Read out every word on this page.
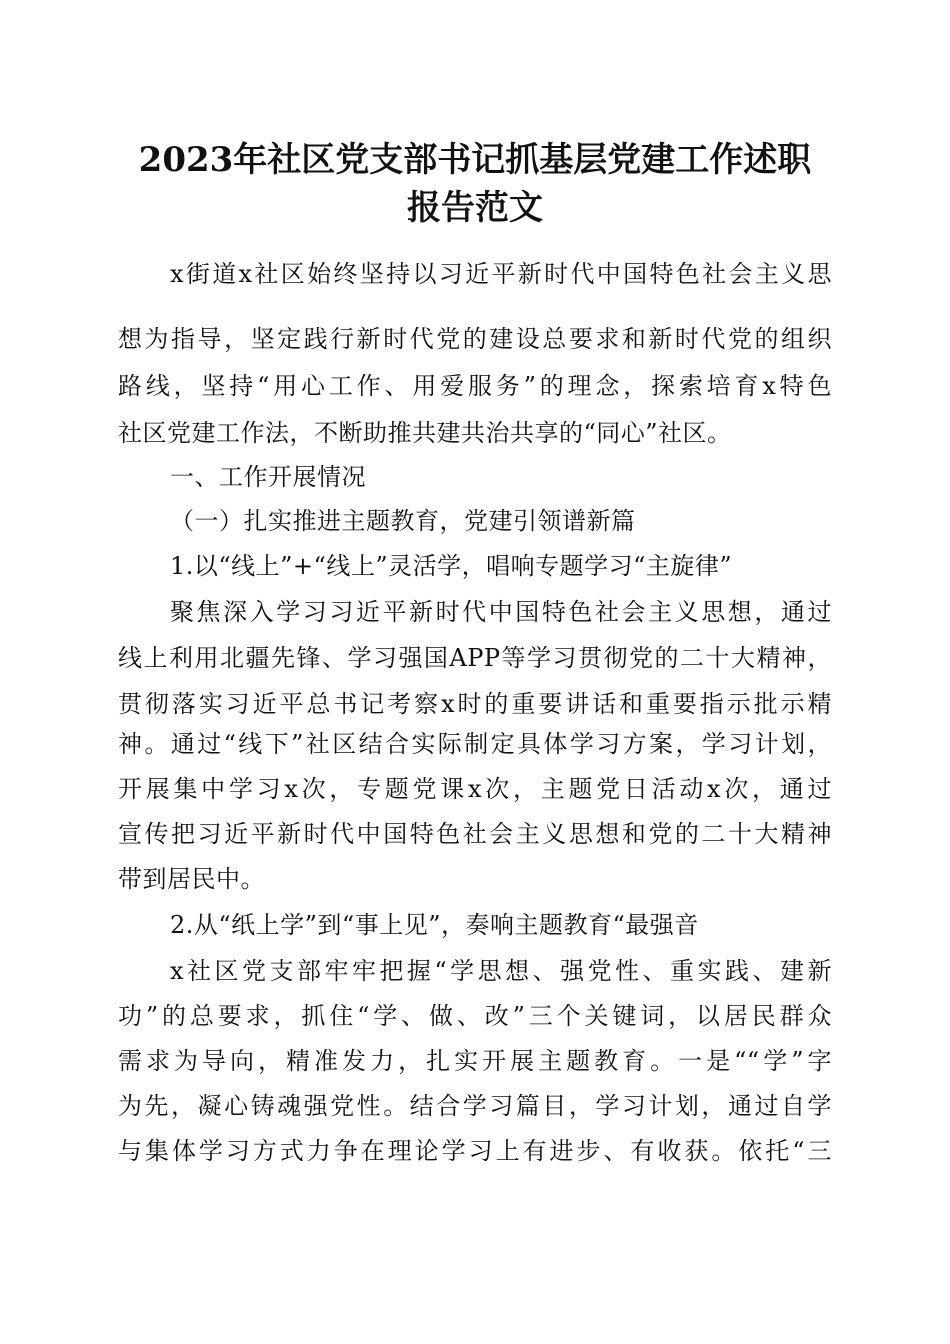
2023年社区党支部书记抓基层党建工作述职
报告范文

x街道x社区始终坚持以习近平新时代中国特色社会主义思

想为指导，坚定践行新时代党的建设总要求和新时代党的组织

路线，坚持“用心工作、用爱服务”的理念，探索培育x特色

社区党建工作法，不断助推共建共治共享的“同心”社区。

一、工作开展情况

（一）扎实推进主题教育，党建引领谱新篇

1.以“线上”+“线上”灵活学，唱响专题学习“主旋律”

聚焦深入学习习近平新时代中国特色社会主义思想，通过

线上利用北疆先锋、学习强国APP等学习贯彻党的二十大精神，

贯彻落实习近平总书记考察x时的重要讲话和重要指示批示精

神。通过“线下”社区结合实际制定具体学习方案，学习计划，

开展集中学习x次，专题党课x次，主题党日活动x次，通过

宣传把习近平新时代中国特色社会主义思想和党的二十大精神

带到居民中。

2.从“纸上学”到“事上见”，奏响主题教育“最强音

x社区党支部牢牢把握“学思想、强党性、重实践、建新

功”的总要求，抓住“学、做、改”三个关键词，以居民群众

需求为导向，精准发力，扎实开展主题教育。一是““学”字

为先，凝心铸魂强党性。结合学习篇目，学习计划，通过自学

与集体学习方式力争在理论学习上有进步、有收获。依托“三
